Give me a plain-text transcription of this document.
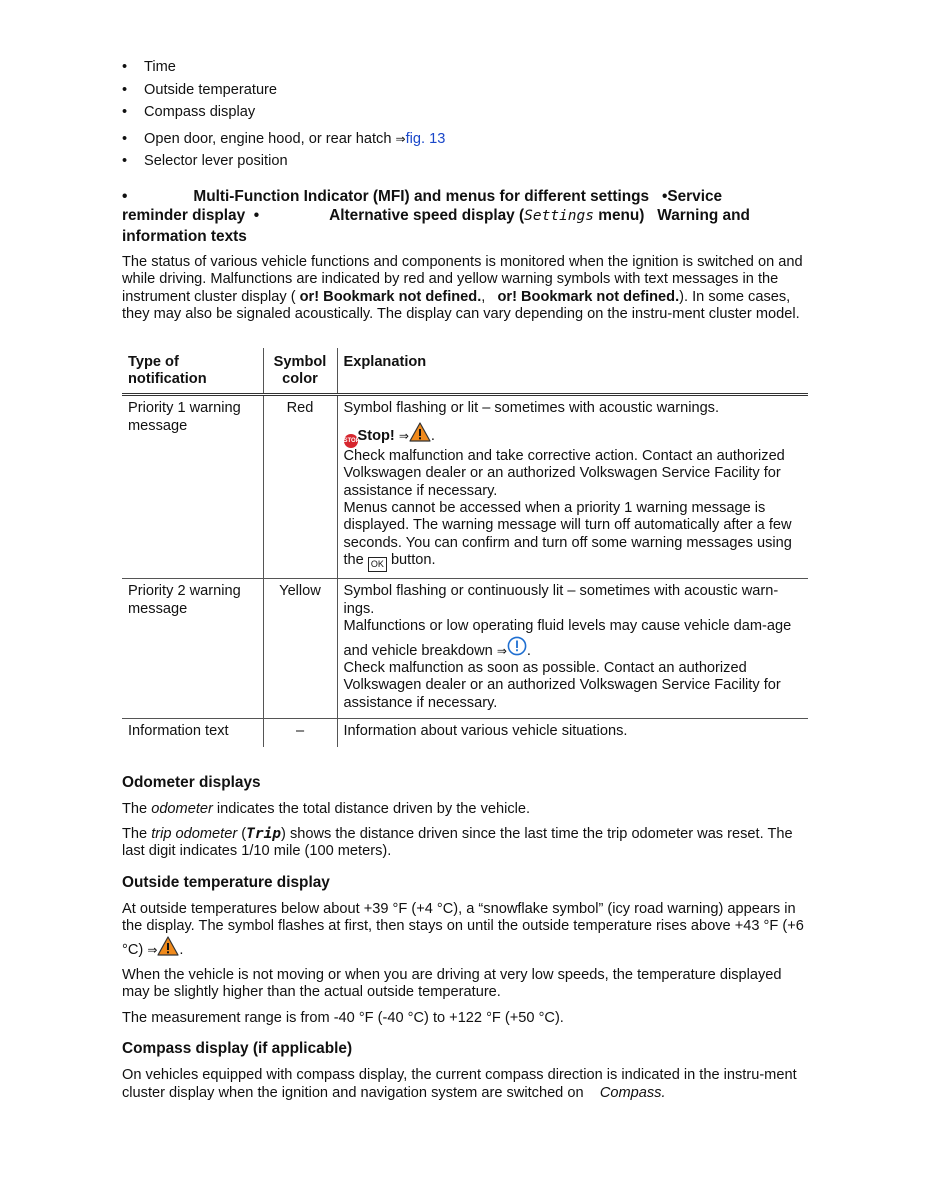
• Time
• Outside temperature
• Compass display
• Open door, engine hood, or rear hatch ⇒fig. 13
• Selector lever position
•	Multi-Function Indicator (MFI) and menus for different settings •Service
reminder display •	Alternative speed display (Settings menu) Warning and
information texts

The status of various vehicle functions and components is monitored when the ignition is switched on and while driving. Malfunctions are indicated by red and yellow warning symbols with text messages in the instrument cluster display ( or! Bookmark not defined., or! Bookmark not defined.). In some cases, they may also be signaled acoustically. The display can vary depending on the instru-ment cluster model.

Type of notification	Symbol color	Explanation
Priority 1 warning message	Red	Symbol flashing or lit – sometimes with acoustic warnings.
STOPStop! ⇒ .
Check malfunction and take corrective action. Contact an authorized Volkswagen dealer or an authorized Volkswagen Service Facility for assistance if necessary.
Menus cannot be accessed when a priority 1 warning message is displayed. The warning message will turn off automatically after a few seconds. You can confirm and turn off some warning messages using the OK button.

Priority 2 warning message	Yellow	Symbol flashing or continuously lit – sometimes with acoustic warn-ings.
Malfunctions or low operating fluid levels may cause vehicle dam-age and vehicle breakdown ⇒ .
Check malfunction as soon as possible. Contact an authorized Volkswagen dealer or an authorized Volkswagen Service Facility for assistance if necessary.

Information text	–	Information about various vehicle situations.
Odometer displays

The odometer indicates the total distance driven by the vehicle.

The trip odometer (Trip) shows the distance driven since the last time the trip odometer was reset. The last digit indicates 1/10 mile (100 meters).

Outside temperature display

At outside temperatures below about +39 °F (+4 °C), a “snowflake symbol” (icy road warning) appears in the display. The symbol flashes at first, then stays on until the outside temperature rises above +43 °F (+6 °C) ⇒ .

When the vehicle is not moving or when you are driving at very low speeds, the temperature displayed may be slightly higher than the actual outside temperature.

The measurement range is from -40 °F (-40 °C) to +122 °F (+50 °C).

Compass display (if applicable)

On vehicles equipped with compass display, the current compass direction is indicated in the instru-ment cluster display when the ignition and navigation system are switched on Compass.
